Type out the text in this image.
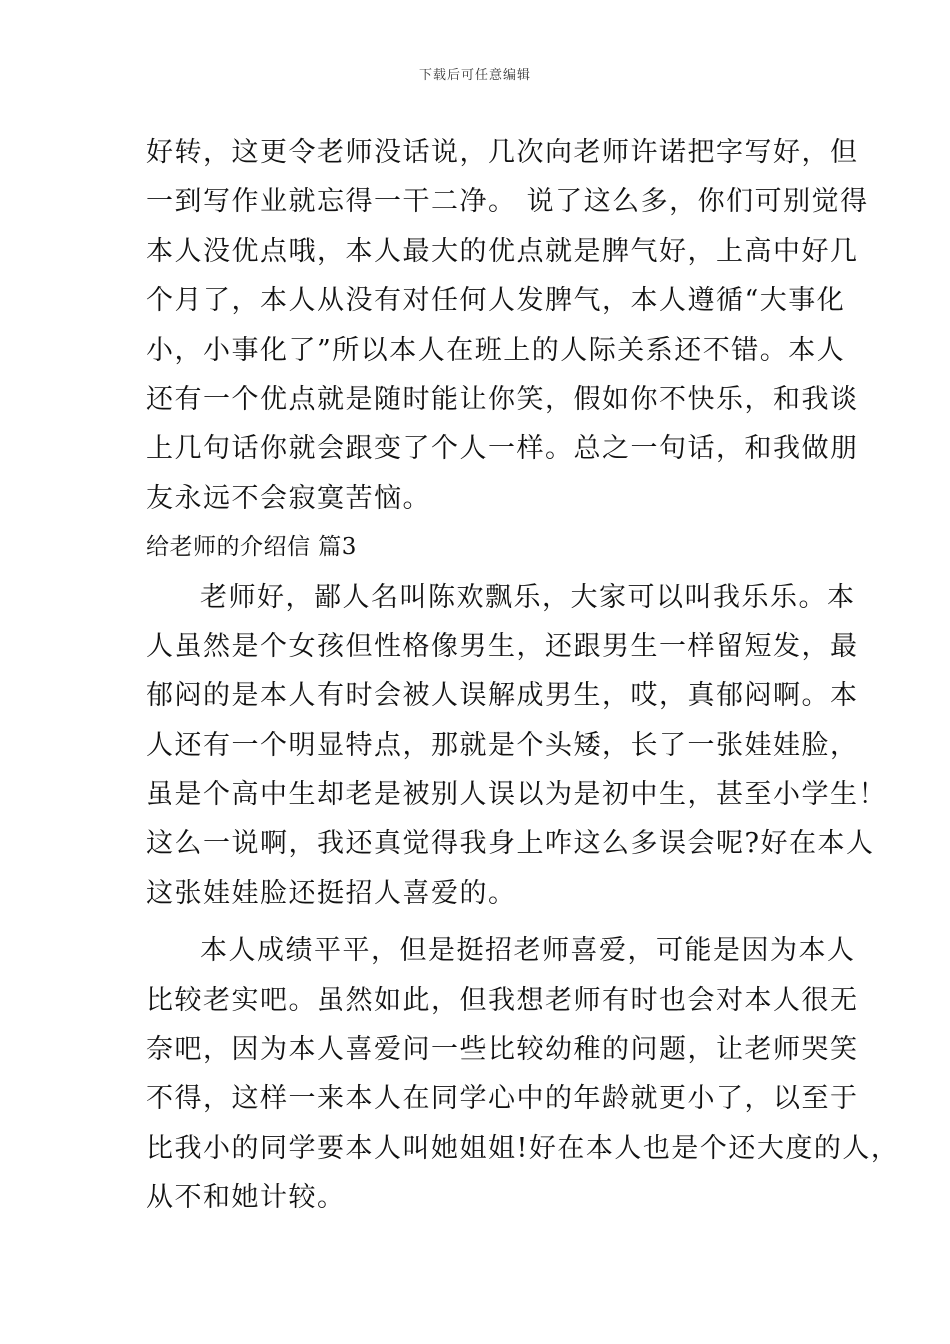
下载后可任意编辑
好转，这更令老师没话说，几次向老师许诺把字写好，但
一到写作业就忘得一干二净。 说了这么多，你们可别觉得
本人没优点哦，本人最大的优点就是脾气好，上高中好几
个月了，本人从没有对任何人发脾气，本人遵循“大事化
小，小事化了”所以本人在班上的人际关系还不错。本人
还有一个优点就是随时能让你笑，假如你不快乐，和我谈
上几句话你就会跟变了个人一样。总之一句话，和我做朋
友永远不会寂寞苦恼。
给老师的介绍信 篇3
老师好，鄙人名叫陈欢飘乐，大家可以叫我乐乐。本
人虽然是个女孩但性格像男生，还跟男生一样留短发，最
郁闷的是本人有时会被人误解成男生，哎，真郁闷啊。本
人还有一个明显特点，那就是个头矮，长了一张娃娃脸，
虽是个高中生却老是被别人误以为是初中生，甚至小学生！
这么一说啊，我还真觉得我身上咋这么多误会呢?好在本人
这张娃娃脸还挺招人喜爱的。
本人成绩平平，但是挺招老师喜爱，可能是因为本人
比较老实吧。虽然如此，但我想老师有时也会对本人很无
奈吧，因为本人喜爱问一些比较幼稚的问题，让老师哭笑
不得，这样一来本人在同学心中的年龄就更小了，以至于
比我小的同学要本人叫她姐姐!好在本人也是个还大度的人，
从不和她计较。
